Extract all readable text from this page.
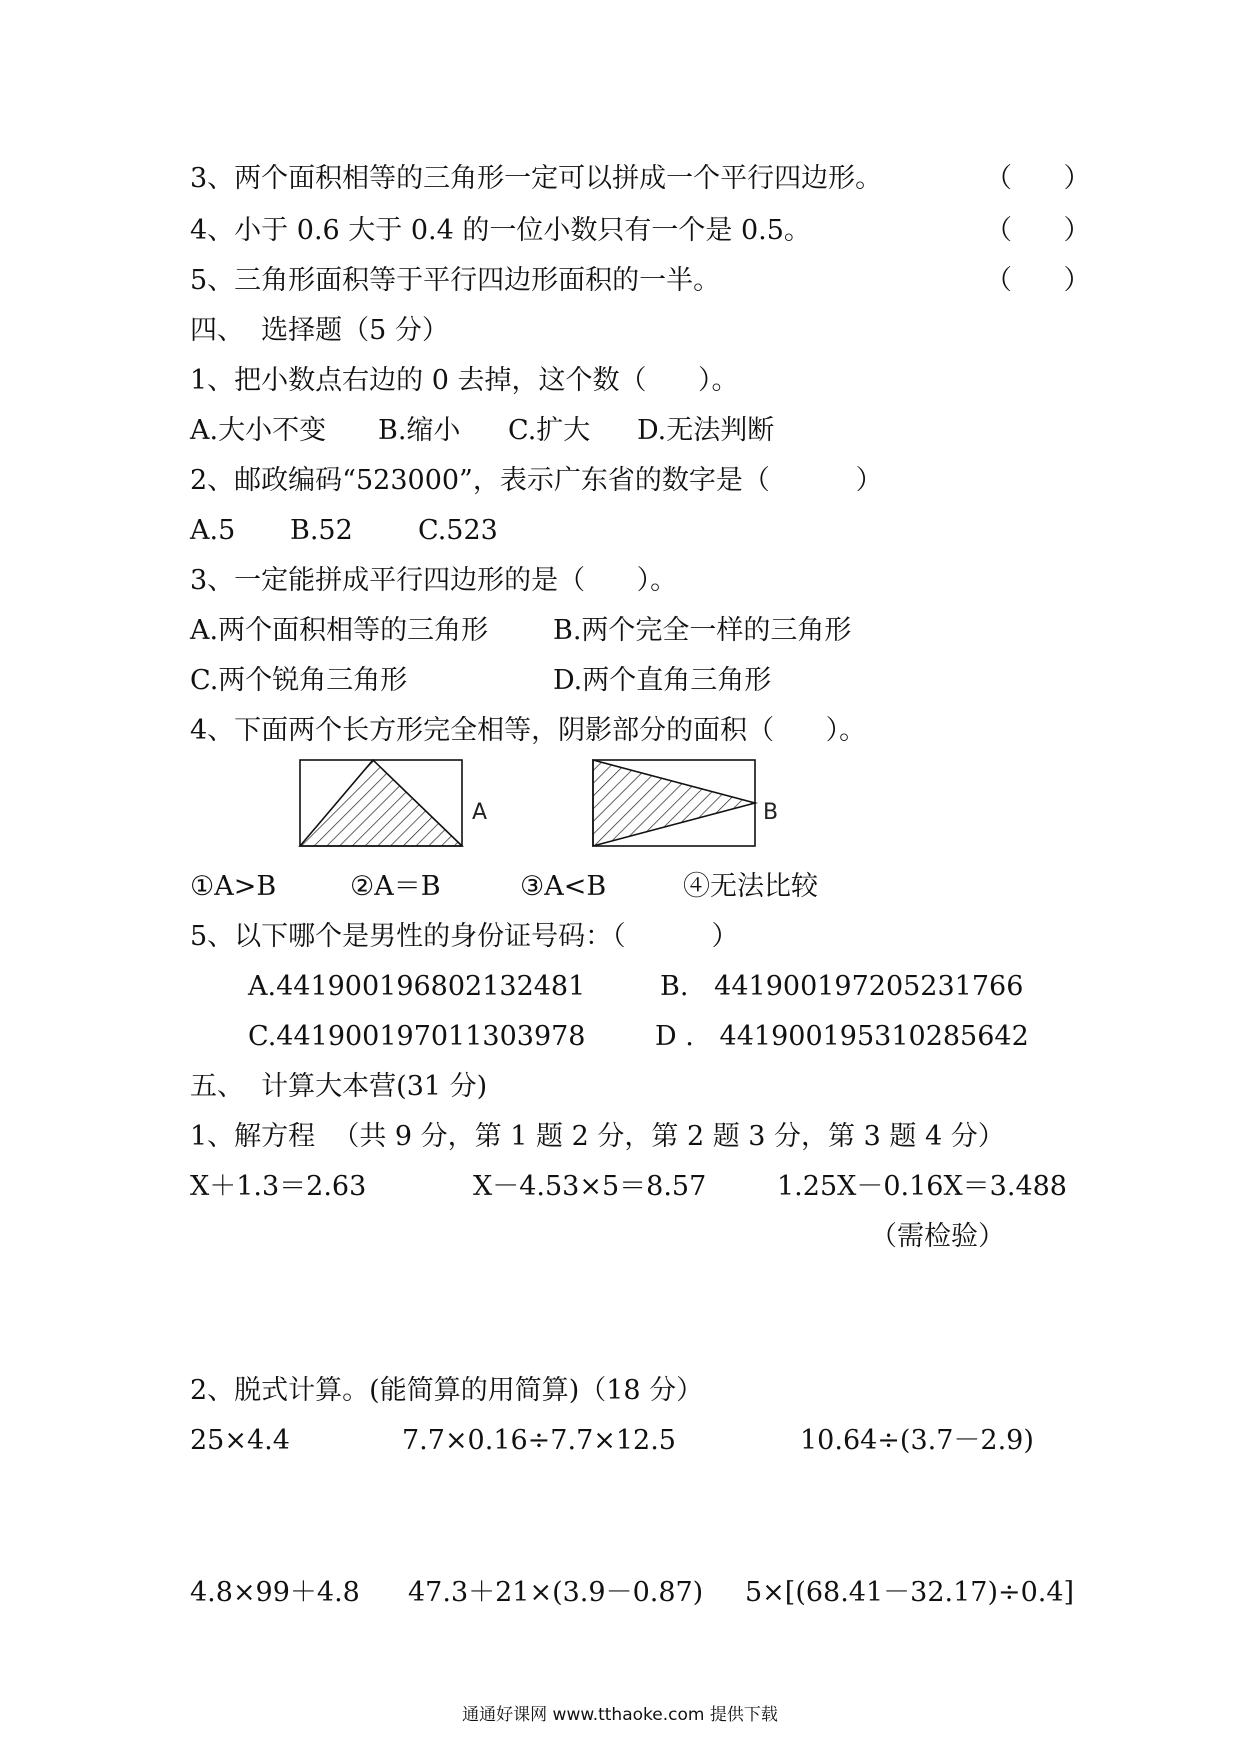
3、两个面积相等的三角形一定可以拼成一个平行四边形。	（      ）
4、小于 0.6 大于 0.4 的一位小数只有一个是 0.5。	（      ）
5、三角形面积等于平行四边形面积的一半。	（      ）
四、  选择题（5 分）
1、把小数点右边的 0 去掉，这个数（      ）。
A.大小不变 B.缩小 C.扩大 D.无法判断
2、邮政编码“523000”，表示广东省的数字是（          ）
A.5 B.52 C.523
3、一定能拼成平行四边形的是（      ）。
A.两个面积相等的三角形 B.两个完全一样的三角形
C.两个锐角三角形	D.两个直角三角形
4、下面两个长方形完全相等，阴影部分的面积（      ）。
A	B
①A>B	②A＝B	③A<B	④无法比较
5、以下哪个是男性的身份证号码：（          ）
A.441900196802132481	B.   441900197205231766
C.441900197011303978	D .   441900195310285642
五、  计算大本营(31 分)
1、解方程  （共 9 分，第 1 题 2 分，第 2 题 3 分，第 3 题 4 分）
X＋1.3＝2.63	X－4.53×5＝8.57	1.25X－0.16X＝3.488
（需检验）
2、脱式计算。(能简算的用简算)（18 分）
25×4.4	7.7×0.16÷7.7×12.5	10.64÷(3.7－2.9)
4.8×99＋4.8 47.3＋21×(3.9－0.87) 5×[(68.41－32.17)÷0.4]
通通好课网 www.tthaoke.com 提供下载
